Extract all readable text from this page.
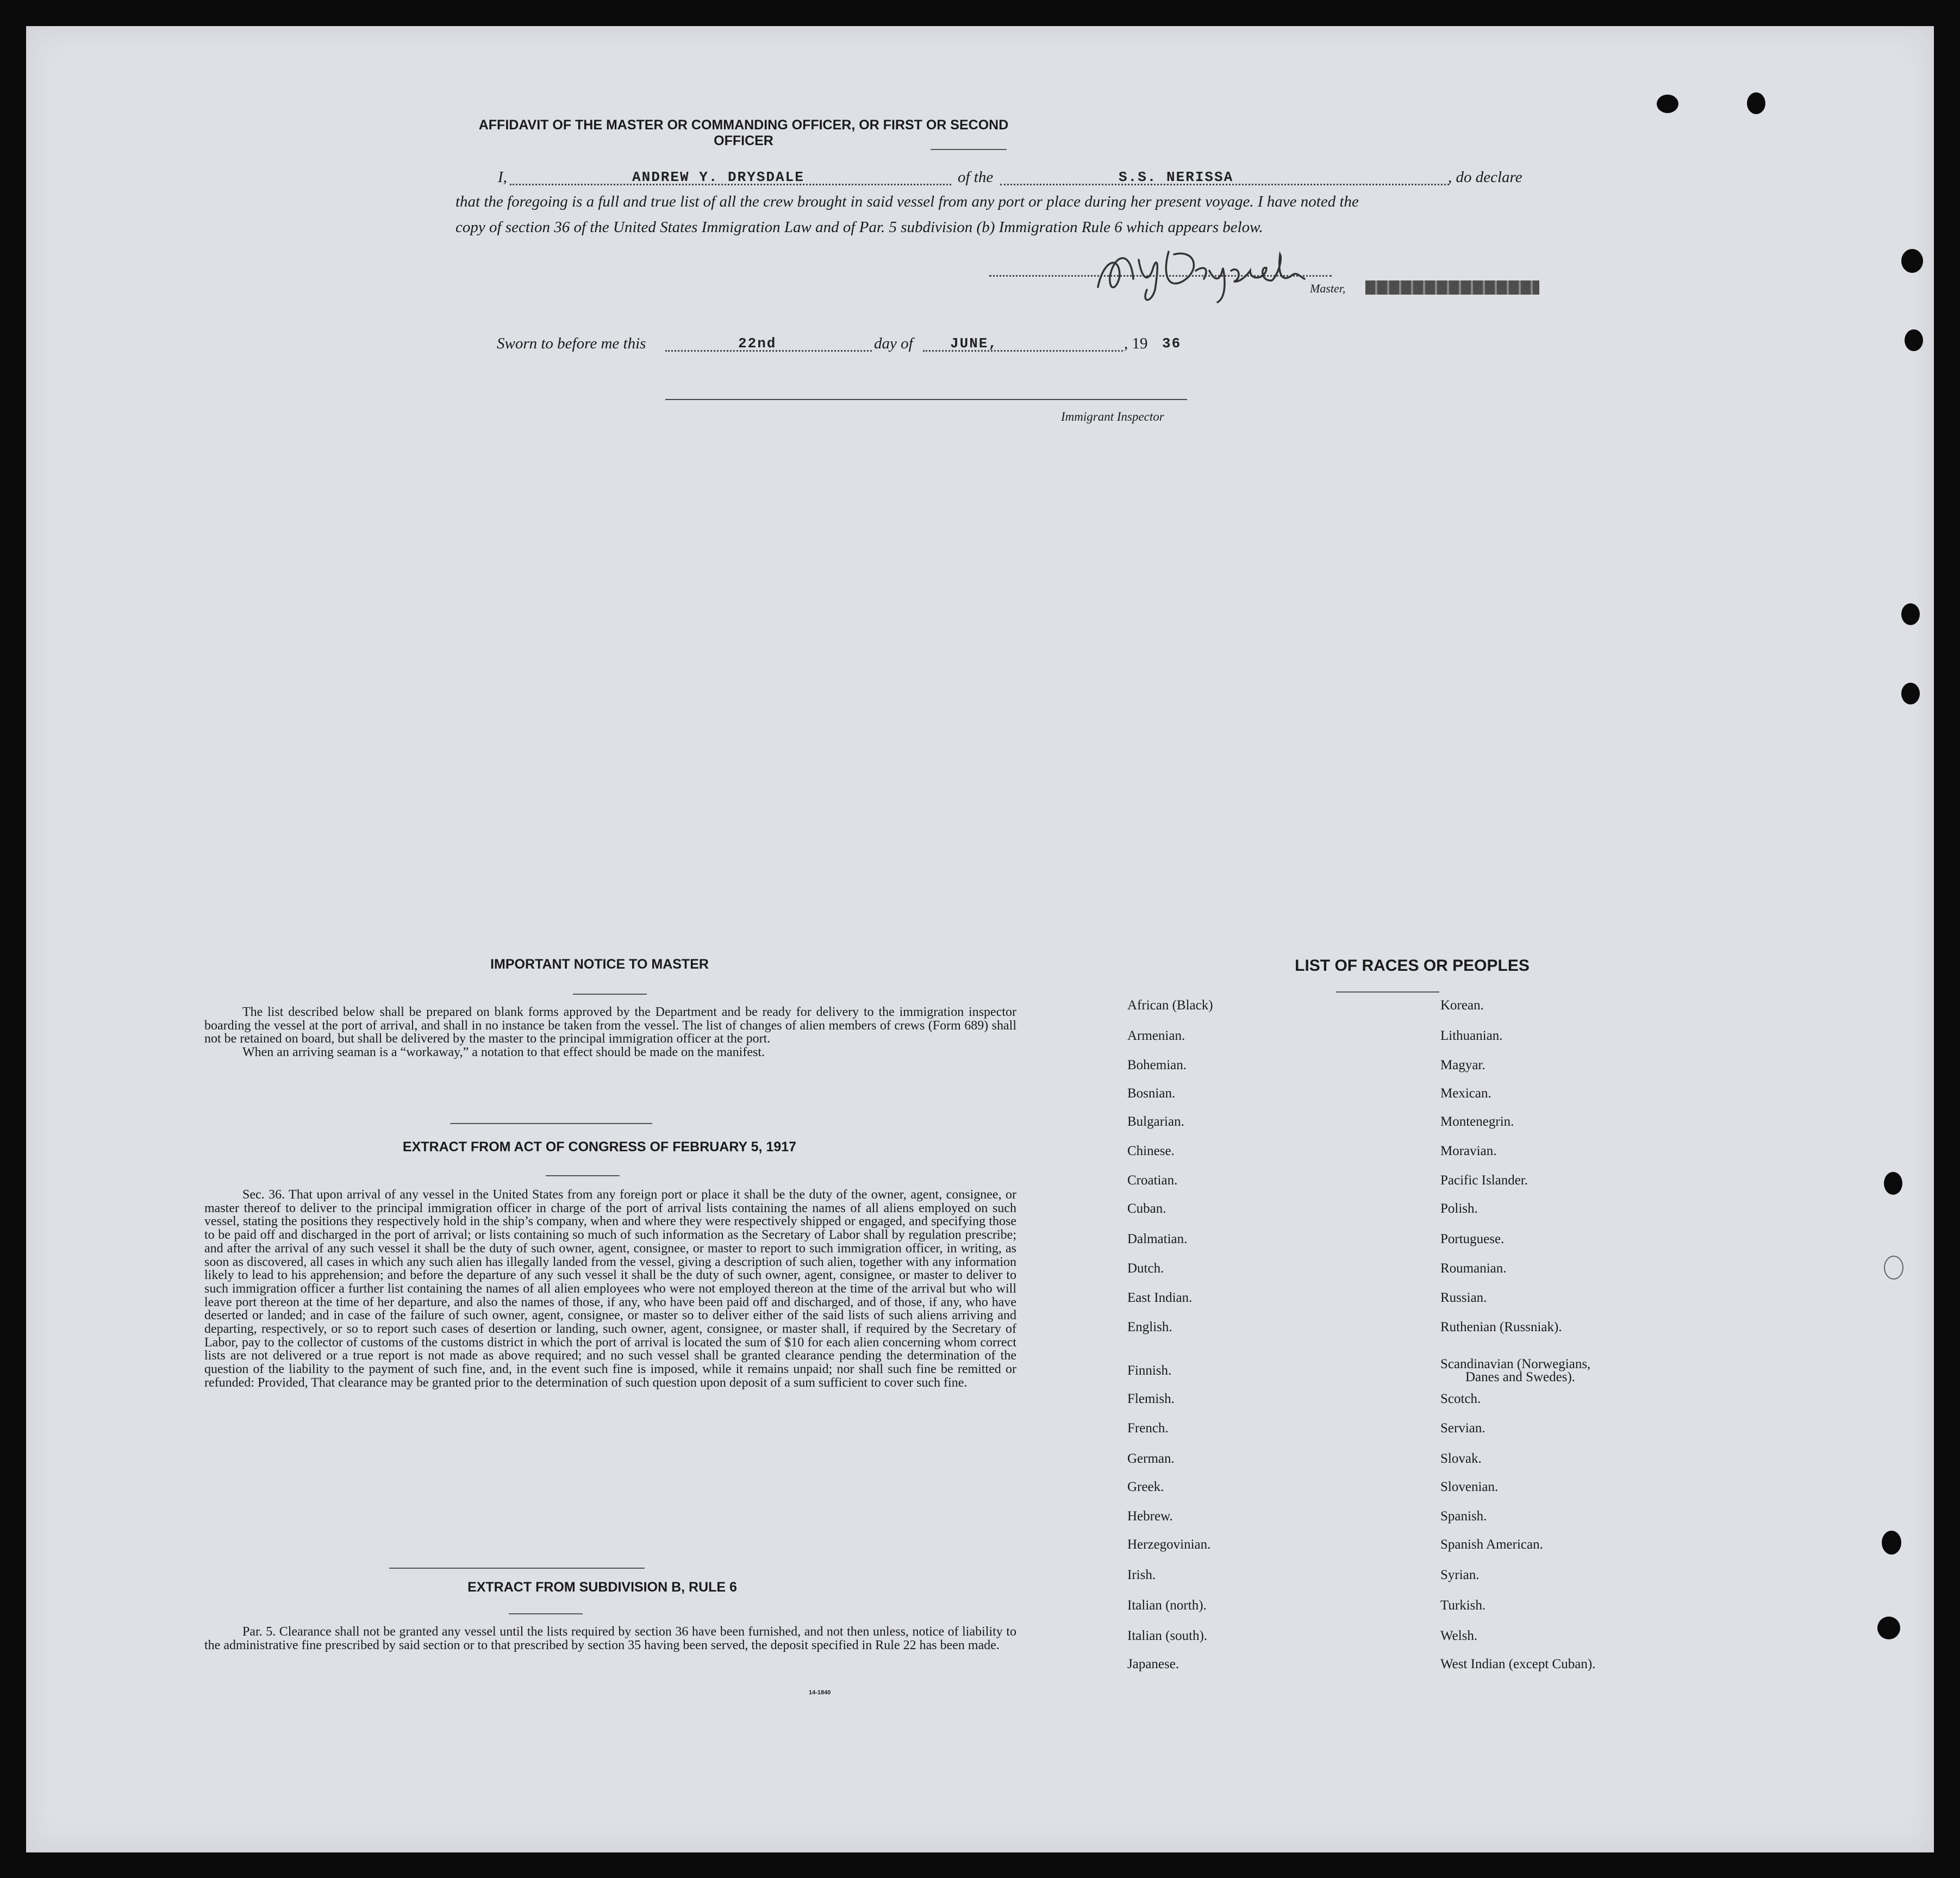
AFFIDAVIT OF THE MASTER OR COMMANDING OFFICER, OR FIRST OR SECOND OFFICER
I,	ANDREW Y. DRYSDALE	of the	S.S. NERISSA	, do declare
that the foregoing is a full and true list of all the crew brought in said vessel from any port or place during her present voyage. I have noted the
copy of section 36 of the United States Immigration Law and of Par. 5 subdivision (b) Immigration Rule 6 which appears below.
AYDrysdale
Master,
Sworn to before me this	22nd	day of	JUNE,	, 19 36
Immigrant Inspector
IMPORTANT NOTICE TO MASTER

The list described below shall be prepared on blank forms approved by the Department and be ready for delivery to the immigration inspector boarding the vessel at the port of arrival, and shall in no instance be taken from the vessel. The list of changes of alien members of crews (Form 689) shall not be retained on board, but shall be delivered by the master to the principal immigration officer at the port.

When an arriving seaman is a “workaway,” a notation to that effect should be made on the manifest.

EXTRACT FROM ACT OF CONGRESS OF FEBRUARY 5, 1917

Sec. 36. That upon arrival of any vessel in the United States from any foreign port or place it shall be the duty of the owner, agent, consignee, or master thereof to deliver to the principal immigration officer in charge of the port of arrival lists containing the names of all aliens employed on such vessel, stating the positions they respectively hold in the ship’s company, when and where they were respectively shipped or engaged, and specifying those to be paid off and discharged in the port of arrival; or lists containing so much of such information as the Secretary of Labor shall by regulation prescribe; and after the arrival of any such vessel it shall be the duty of such owner, agent, consignee, or master to report to such immigration officer, in writing, as soon as discovered, all cases in which any such alien has illegally landed from the vessel, giving a description of such alien, together with any information likely to lead to his apprehension; and before the departure of any such vessel it shall be the duty of such owner, agent, consignee, or master to deliver to such immigration officer a further list containing the names of all alien employees who were not employed thereon at the time of the arrival but who will leave port thereon at the time of her departure, and also the names of those, if any, who have been paid off and discharged, and of those, if any, who have deserted or landed; and in case of the failure of such owner, agent, consignee, or master so to deliver either of the said lists of such aliens arriving and departing, respectively, or so to report such cases of desertion or landing, such owner, agent, consignee, or master shall, if required by the Secretary of Labor, pay to the collector of customs of the customs district in which the port of arrival is located the sum of $10 for each alien concerning whom correct lists are not delivered or a true report is not made as above required; and no such vessel shall be granted clearance pending the determination of the question of the liability to the payment of such fine, and, in the event such fine is imposed, while it remains unpaid; nor shall such fine be remitted or refunded: Provided, That clearance may be granted prior to the determination of such question upon deposit of a sum sufficient to cover such fine.

EXTRACT FROM SUBDIVISION B, RULE 6

Par. 5. Clearance shall not be granted any vessel until the lists required by section 36 have been furnished, and not then unless, notice of liability to the administrative fine prescribed by said section or to that prescribed by section 35 having been served, the deposit specified in Rule 22 has been made.

14-1840
LIST OF RACES OR PEOPLES
African (Black)
Armenian.
Bohemian.
Bosnian.
Bulgarian.
Chinese.
Croatian.
Cuban.
Dalmatian.
Dutch.
East Indian.
English.
Finnish.
Flemish.
French.
German.
Greek.
Hebrew.
Herzegovinian.
Irish.
Italian (north).
Italian (south).
Japanese.
Korean.
Lithuanian.
Magyar.
Mexican.
Montenegrin.
Moravian.
Pacific Islander.
Polish.
Portuguese.
Roumanian.
Russian.
Ruthenian (Russniak).
Scandinavian (Norwegians,
Scotch.
Servian.
Slovak.
Slovenian.
Spanish.
Spanish American.
Syrian.
Turkish.
Welsh.
West Indian (except Cuban).
Danes and Swedes).
